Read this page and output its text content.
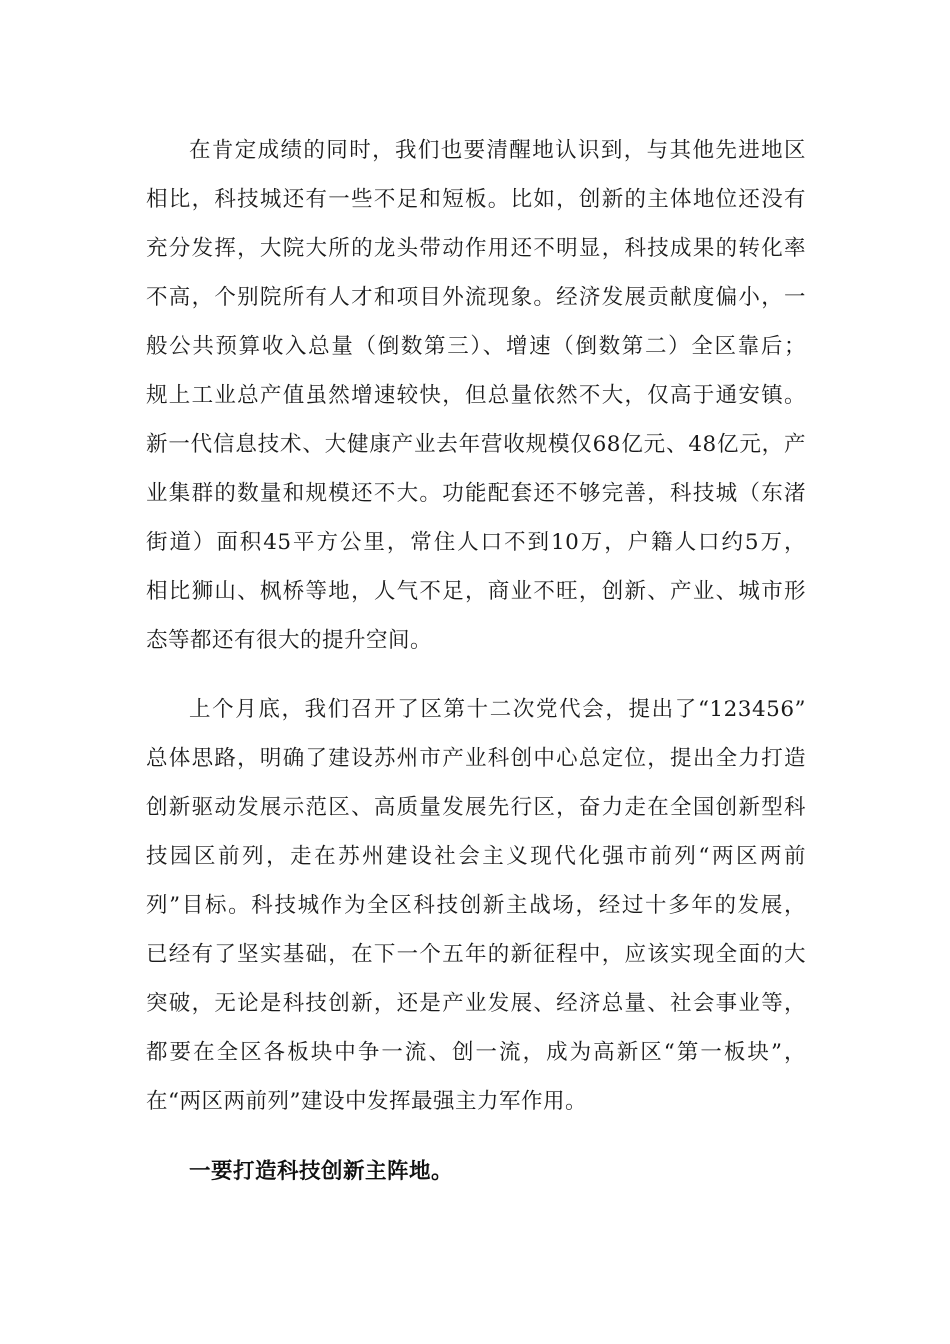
在肯定成绩的同时，我们也要清醒地认识到，与其他先进地区
相比，科技城还有一些不足和短板。比如，创新的主体地位还没有
充分发挥，大院大所的龙头带动作用还不明显，科技成果的转化率
不高，个别院所有人才和项目外流现象。经济发展贡献度偏小，一
般公共预算收入总量（倒数第三）、增速（倒数第二）全区靠后；
规上工业总产值虽然增速较快，但总量依然不大，仅高于通安镇。
新一代信息技术、大健康产业去年营收规模仅68亿元、48亿元，产
业集群的数量和规模还不大。功能配套还不够完善，科技城（东渚
街道）面积45平方公里，常住人口不到10万，户籍人口约5万，
相比狮山、枫桥等地，人气不足，商业不旺，创新、产业、城市形
态等都还有很大的提升空间。
上个月底，我们召开了区第十二次党代会，提出了“123456”
总体思路，明确了建设苏州市产业科创中心总定位，提出全力打造
创新驱动发展示范区、高质量发展先行区，奋力走在全国创新型科
技园区前列，走在苏州建设社会主义现代化强市前列“两区两前
列”目标。科技城作为全区科技创新主战场，经过十多年的发展，
已经有了坚实基础，在下一个五年的新征程中，应该实现全面的大
突破，无论是科技创新，还是产业发展、经济总量、社会事业等，
都要在全区各板块中争一流、创一流，成为高新区“第一板块”，
在“两区两前列”建设中发挥最强主力军作用。
一要打造科技创新主阵地。
